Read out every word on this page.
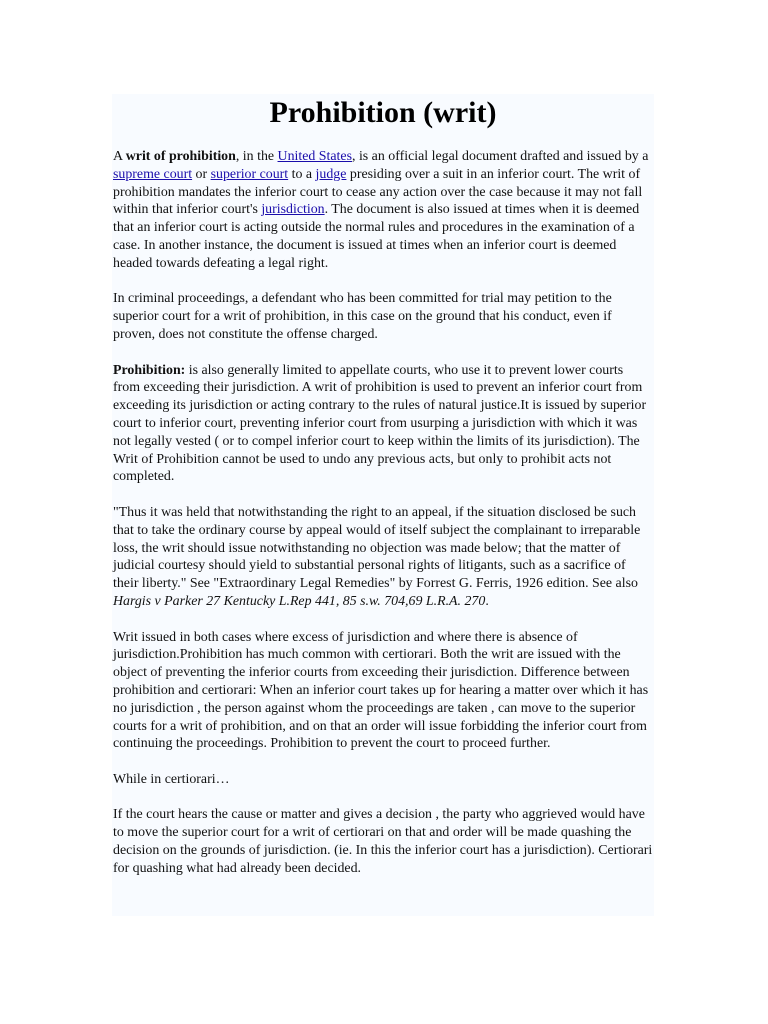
Prohibition (writ)

A writ of prohibition, in the United States, is an official legal document drafted and issued by a supreme court or superior court to a judge presiding over a suit in an inferior court. The writ of prohibition mandates the inferior court to cease any action over the case because it may not fall within that inferior court's jurisdiction. The document is also issued at times when it is deemed that an inferior court is acting outside the normal rules and procedures in the examination of a case. In another instance, the document is issued at times when an inferior court is deemed headed towards defeating a legal right.

In criminal proceedings, a defendant who has been committed for trial may petition to the superior court for a writ of prohibition, in this case on the ground that his conduct, even if proven, does not constitute the offense charged.

Prohibition: is also generally limited to appellate courts, who use it to prevent lower courts from exceeding their jurisdiction. A writ of prohibition is used to prevent an inferior court from exceeding its jurisdiction or acting contrary to the rules of natural justice.It is issued by superior court to inferior court, preventing inferior court from usurping a jurisdiction with which it was not legally vested ( or to compel inferior court to keep within the limits of its jurisdiction). The Writ of Prohibition cannot be used to undo any previous acts, but only to prohibit acts not completed.

"Thus it was held that notwithstanding the right to an appeal, if the situation disclosed be such that to take the ordinary course by appeal would of itself subject the complainant to irreparable loss, the writ should issue notwithstanding no objection was made below; that the matter of judicial courtesy should yield to substantial personal rights of litigants, such as a sacrifice of their liberty." See "Extraordinary Legal Remedies" by Forrest G. Ferris, 1926 edition. See also Hargis v Parker 27 Kentucky L.Rep 441, 85 s.w. 704,69 L.R.A. 270.

Writ issued in both cases where excess of jurisdiction and where there is absence of jurisdiction.Prohibition has much common with certiorari. Both the writ are issued with the object of preventing the inferior courts from exceeding their jurisdiction. Difference between prohibition and certiorari: When an inferior court takes up for hearing a matter over which it has no jurisdiction , the person against whom the proceedings are taken , can move to the superior courts for a writ of prohibition, and on that an order will issue forbidding the inferior court from continuing the proceedings. Prohibition to prevent the court to proceed further.

While in certiorari…

If the court hears the cause or matter and gives a decision , the party who aggrieved would have to move the superior court for a writ of certiorari on that and order will be made quashing the decision on the grounds of jurisdiction. (ie. In this the inferior court has a jurisdiction). Certiorari for quashing what had already been decided.
